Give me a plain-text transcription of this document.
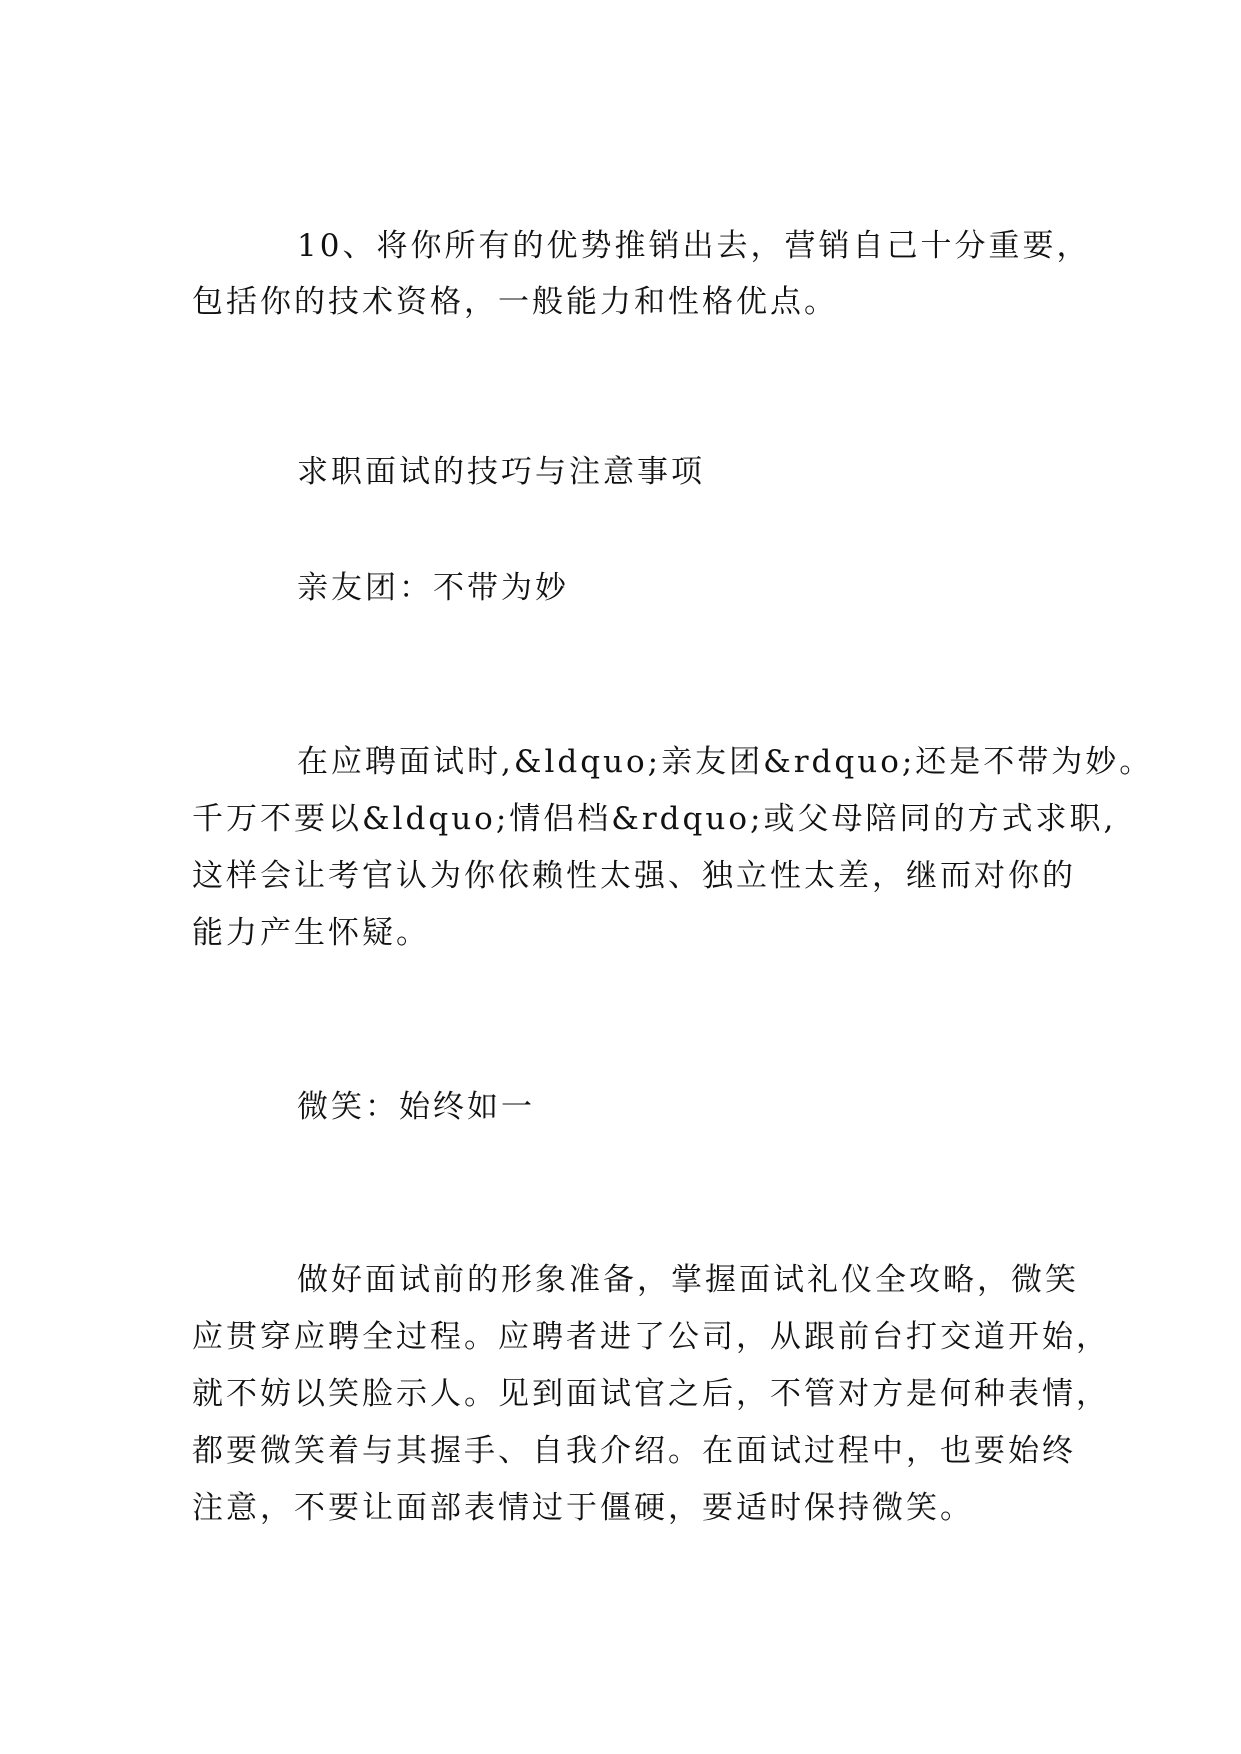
10、将你所有的优势推销出去，营销自己十分重要，
包括你的技术资格，一般能力和性格优点。
求职面试的技巧与注意事项
亲友团：不带为妙
在应聘面试时,&ldquo;亲友团&rdquo;还是不带为妙。
千万不要以&ldquo;情侣档&rdquo;或父母陪同的方式求职,
这样会让考官认为你依赖性太强、独立性太差，继而对你的
能力产生怀疑。
微笑：始终如一
做好面试前的形象准备，掌握面试礼仪全攻略，微笑
应贯穿应聘全过程。应聘者进了公司，从跟前台打交道开始，
就不妨以笑脸示人。见到面试官之后，不管对方是何种表情，
都要微笑着与其握手、自我介绍。在面试过程中，也要始终
注意，不要让面部表情过于僵硬，要适时保持微笑。
